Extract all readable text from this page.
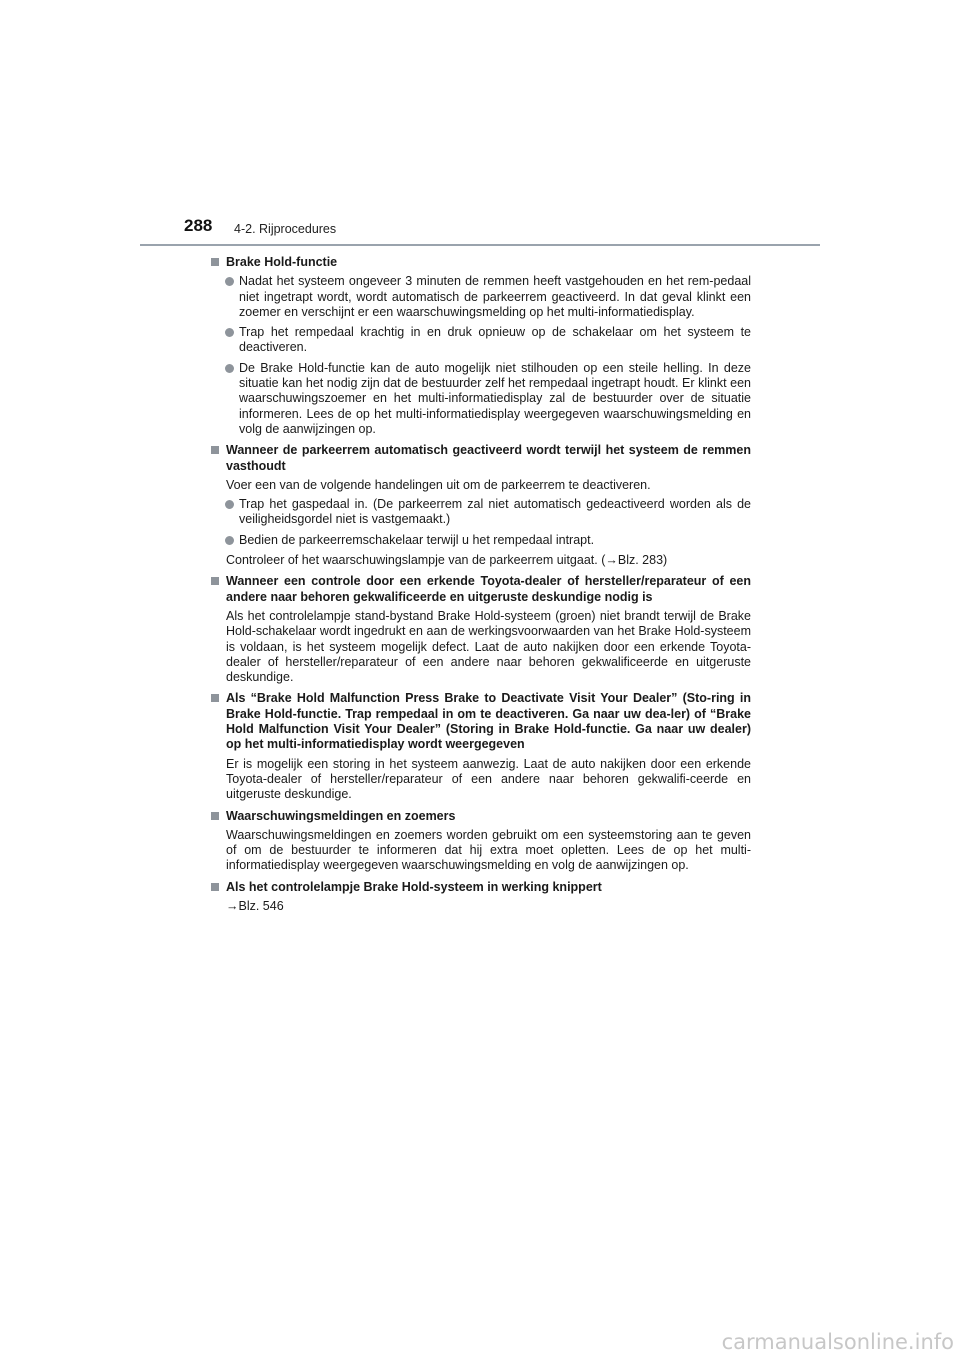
288 4-2. Rijprocedures
Brake Hold-functie
Nadat het systeem ongeveer 3 minuten de remmen heeft vastgehouden en het rem-pedaal niet ingetrapt wordt, wordt automatisch de parkeerrem geactiveerd. In dat geval klinkt een zoemer en verschijnt er een waarschuwingsmelding op het multi-informatiedisplay.
Trap het rempedaal krachtig in en druk opnieuw op de schakelaar om het systeem te deactiveren.
De Brake Hold-functie kan de auto mogelijk niet stilhouden op een steile helling. In deze situatie kan het nodig zijn dat de bestuurder zelf het rempedaal ingetrapt houdt. Er klinkt een waarschuwingszoemer en het multi-informatiedisplay zal de bestuurder over de situatie informeren. Lees de op het multi-informatiedisplay weergegeven waarschuwingsmelding en volg de aanwijzingen op.
Wanneer de parkeerrem automatisch geactiveerd wordt terwijl het systeem de remmen vasthoudt
Voer een van de volgende handelingen uit om de parkeerrem te deactiveren.
Trap het gaspedaal in. (De parkeerrem zal niet automatisch gedeactiveerd worden als de veiligheidsgordel niet is vastgemaakt.)
Bedien de parkeerremschakelaar terwijl u het rempedaal intrapt.
Controleer of het waarschuwingslampje van de parkeerrem uitgaat. (→Blz. 283)
Wanneer een controle door een erkende Toyota-dealer of hersteller/reparateur of een andere naar behoren gekwalificeerde en uitgeruste deskundige nodig is
Als het controlelampje stand-bystand Brake Hold-systeem (groen) niet brandt terwijl de Brake Hold-schakelaar wordt ingedrukt en aan de werkingsvoorwaarden van het Brake Hold-systeem is voldaan, is het systeem mogelijk defect. Laat de auto nakijken door een erkende Toyota-dealer of hersteller/reparateur of een andere naar behoren gekwalificeerde en uitgeruste deskundige.
Als “Brake Hold Malfunction Press Brake to Deactivate Visit Your Dealer” (Sto-ring in Brake Hold-functie. Trap rempedaal in om te deactiveren. Ga naar uw dea-ler) of “Brake Hold Malfunction Visit Your Dealer” (Storing in Brake Hold-functie. Ga naar uw dealer) op het multi-informatiedisplay wordt weergegeven
Er is mogelijk een storing in het systeem aanwezig. Laat de auto nakijken door een erkende Toyota-dealer of hersteller/reparateur of een andere naar behoren gekwalifi-ceerde en uitgeruste deskundige.
Waarschuwingsmeldingen en zoemers
Waarschuwingsmeldingen en zoemers worden gebruikt om een systeemstoring aan te geven of om de bestuurder te informeren dat hij extra moet opletten. Lees de op het multi-informatiedisplay weergegeven waarschuwingsmelding en volg de aanwijzingen op.
Als het controlelampje Brake Hold-systeem in werking knippert
→Blz. 546
carmanualsonline.info
